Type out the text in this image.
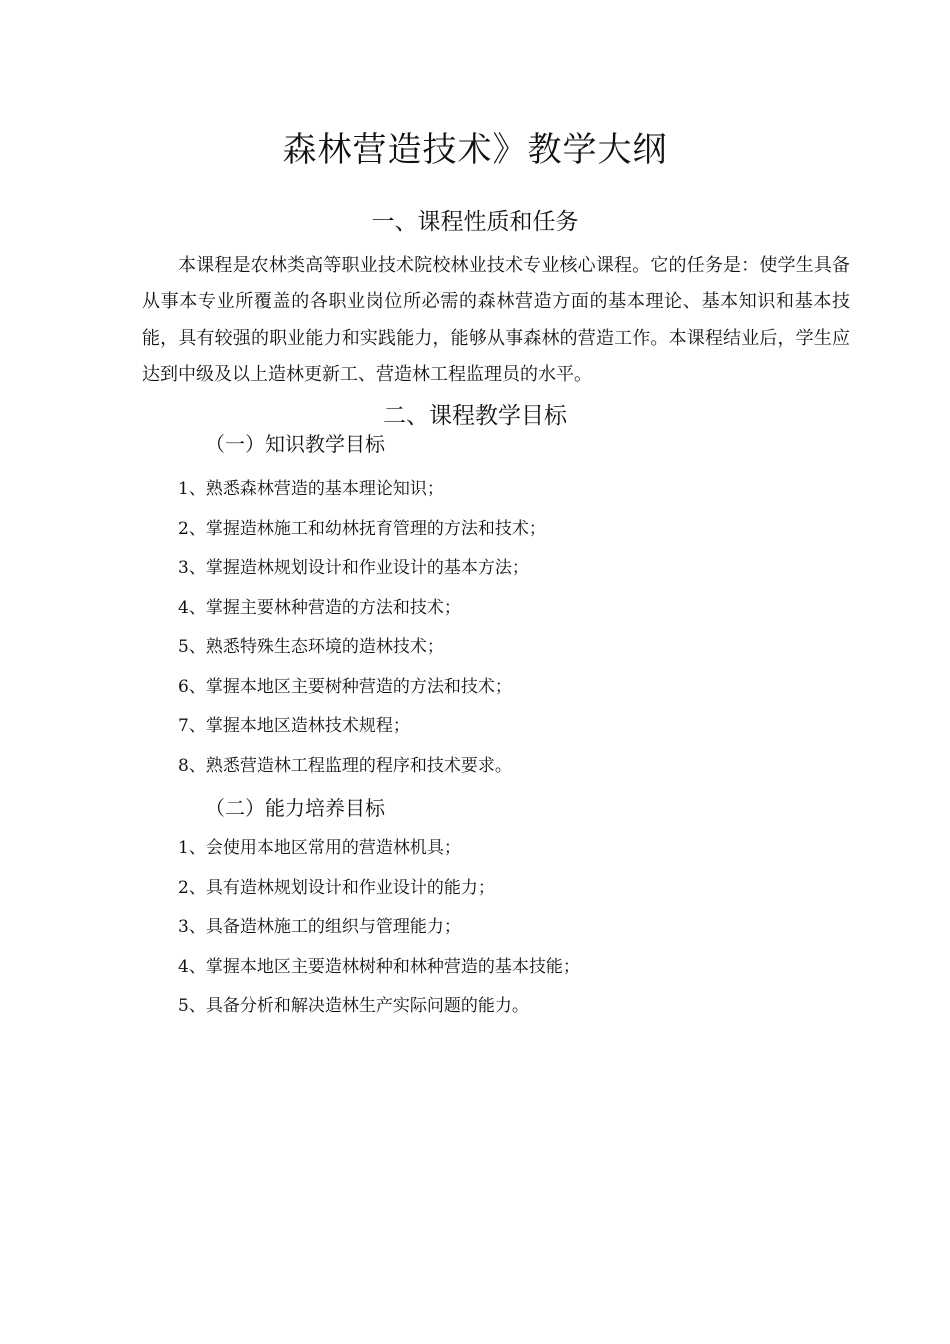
森林营造技术》教学大纲
一、课程性质和任务

本课程是农林类高等职业技术院校林业技术专业核心课程。它的任务是：使学生具备从事本专业所覆盖的各职业岗位所必需的森林营造方面的基本理论、基本知识和基本技能，具有较强的职业能力和实践能力，能够从事森林的营造工作。本课程结业后，学生应达到中级及以上造林更新工、营造林工程监理员的水平。

二、课程教学目标
（一）知识教学目标
1、熟悉森林营造的基本理论知识；
2、掌握造林施工和幼林抚育管理的方法和技术；
3、掌握造林规划设计和作业设计的基本方法；
4、掌握主要林种营造的方法和技术；
5、熟悉特殊生态环境的造林技术；
6、掌握本地区主要树种营造的方法和技术；
7、掌握本地区造林技术规程；
8、熟悉营造林工程监理的程序和技术要求。
（二）能力培养目标
1、会使用本地区常用的营造林机具；
2、具有造林规划设计和作业设计的能力；
3、具备造林施工的组织与管理能力；
4、掌握本地区主要造林树种和林种营造的基本技能；
5、具备分析和解决造林生产实际问题的能力。
